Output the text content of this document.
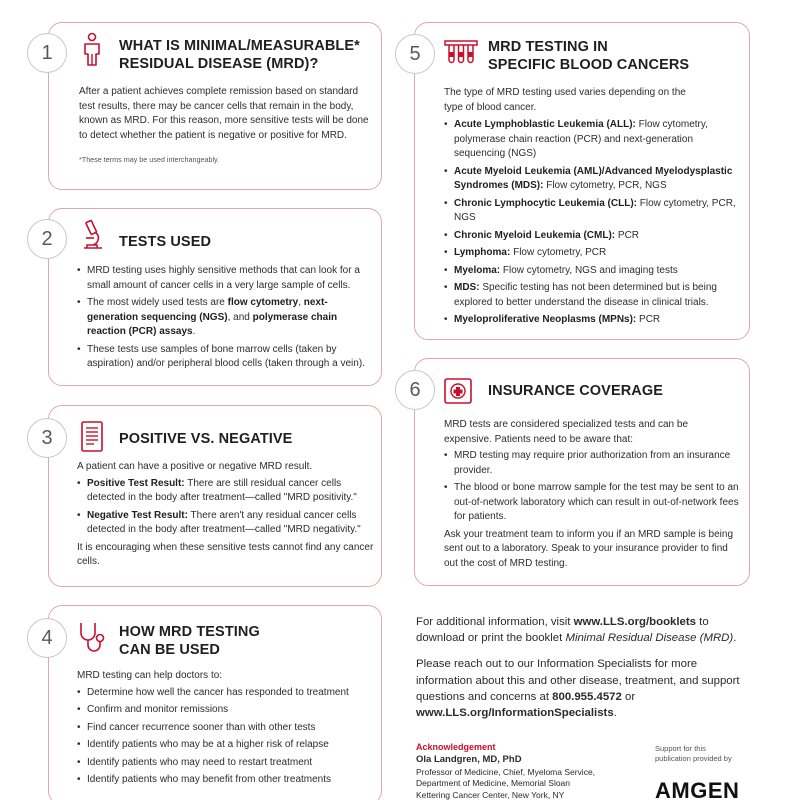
1	WHAT IS MINIMAL/MEASURABLE*
RESIDUAL DISEASE (MRD)?

After a patient achieves complete remission based on standard test results, there may be cancer cells that remain in the body, known as MRD. For this reason, more sensitive tests will be done to detect whether the patient is negative or positive for MRD.

*These terms may be used interchangeably.
2	TESTS USED
• MRD testing uses highly sensitive methods that can look for a small amount of cancer cells in a very large sample of cells.
• The most widely used tests are flow cytometry, next-generation sequencing (NGS), and polymerase chain reaction (PCR) assays.
• These tests use samples of bone marrow cells (taken by aspiration) and/or peripheral blood cells (taken through a vein).
3	POSITIVE VS. NEGATIVE

A patient can have a positive or negative MRD result.

• Positive Test Result: There are still residual cancer cells detected in the body after treatment—called "MRD positivity."
• Negative Test Result: There aren't any residual cancer cells detected in the body after treatment—called "MRD negativity."

It is encouraging when these sensitive tests cannot find any cancer cells.

4	HOW MRD TESTING
CAN BE USED

MRD testing can help doctors to:

• Determine how well the cancer has responded to treatment
• Confirm and monitor remissions
• Find cancer recurrence sooner than with other tests
• Identify patients who may be at a higher risk of relapse
• Identify patients who may need to restart treatment
• Identify patients who may benefit from other treatments
5	MRD TESTING IN
SPECIFIC BLOOD CANCERS

The type of MRD testing used varies depending on the type of blood cancer.

• Acute Lymphoblastic Leukemia (ALL): Flow cytometry, polymerase chain reaction (PCR) and next-generation sequencing (NGS)
• Acute Myeloid Leukemia (AML)/Advanced Myelodysplastic Syndromes (MDS): Flow cytometry, PCR, NGS
• Chronic Lymphocytic Leukemia (CLL): Flow cytometry, PCR, NGS
• Chronic Myeloid Leukemia (CML): PCR
• Lymphoma: Flow cytometry, PCR
• Myeloma: Flow cytometry, NGS and imaging tests
• MDS: Specific testing has not been determined but is being explored to better understand the disease in clinical trials.
• Myeloproliferative Neoplasms (MPNs): PCR
6	INSURANCE COVERAGE

MRD tests are considered specialized tests and can be expensive. Patients need to be aware that:

• MRD testing may require prior authorization from an insurance provider.
• The blood or bone marrow sample for the test may be sent to an out-of-network laboratory which can result in out-of-network fees for patients.

Ask your treatment team to inform you if an MRD sample is being sent out to a laboratory. Speak to your insurance provider to find out the cost of MRD testing.

For additional information, visit www.LLS.org/booklets to download or print the booklet Minimal Residual Disease (MRD).

Please reach out to our Information Specialists for more information about this and other disease, treatment, and support questions and concerns at 800.955.4572 or www.LLS.org/InformationSpecialists.

Acknowledgement
Ola Landgren, MD, PhD
Professor of Medicine, Chief, Myeloma Service,
Department of Medicine, Memorial Sloan
Kettering Cancer Center, New York, NY
Support for this
publication provided by
AMGEN
